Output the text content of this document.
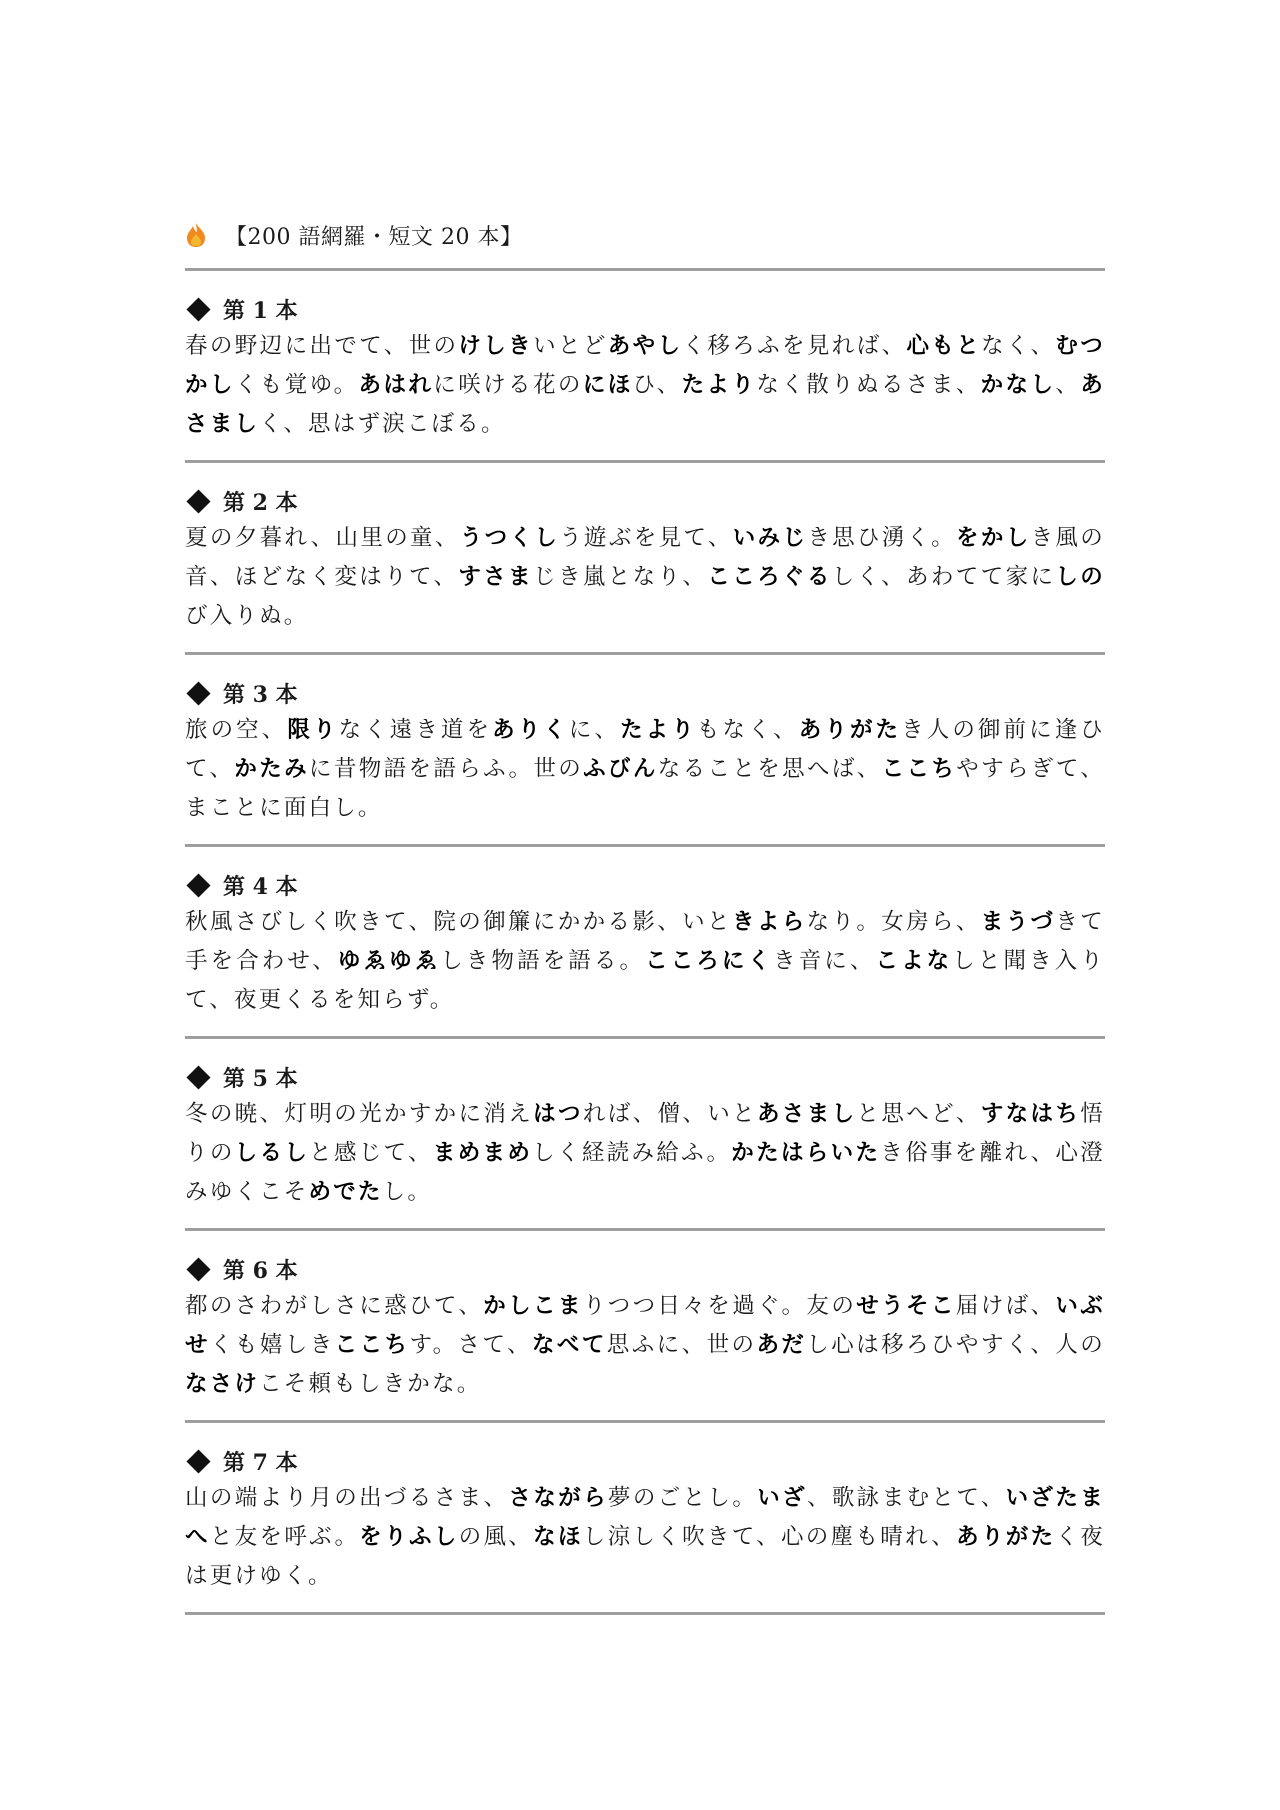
【200 語網羅・短文 20 本】
第 1 本
春の野辺に出でて、世のけしきいとどあやしく移ろふを見れば、心もとなく、むつかしくも覚ゆ。あはれに咲ける花のにほひ、たよりなく散りぬるさま、かなし、あさましく、思はず涙こぼる。
第 2 本
夏の夕暮れ、山里の童、うつくしう遊ぶを見て、いみじき思ひ湧く。をかしき風の音、ほどなく変はりて、すさまじき嵐となり、こころぐるしく、あわてて家にしのび入りぬ。
第 3 本
旅の空、限りなく遠き道をありくに、たよりもなく、ありがたき人の御前に逢ひて、かたみに昔物語を語らふ。世のふびんなることを思へば、ここちやすらぎて、まことに面白し。
第 4 本
秋風さびしく吹きて、院の御簾にかかる影、いときよらなり。女房ら、まうづきて手を合わせ、ゆゑゆゑしき物語を語る。こころにくき音に、こよなしと聞き入りて、夜更くるを知らず。
第 5 本
冬の暁、灯明の光かすかに消えはつれば、僧、いとあさましと思へど、すなはち悟りのしるしと感じて、まめまめしく経読み給ふ。かたはらいたき俗事を離れ、心澄みゆくこそめでたし。
第 6 本
都のさわがしさに惑ひて、かしこまりつつ日々を過ぐ。友のせうそこ届けば、いぶせくも嬉しきここちす。さて、なべて思ふに、世のあだし心は移ろひやすく、人のなさけこそ頼もしきかな。
第 7 本
山の端より月の出づるさま、さながら夢のごとし。いざ、歌詠まむとて、いざたまへと友を呼ぶ。をりふしの風、なほし涼しく吹きて、心の塵も晴れ、ありがたく夜は更けゆく。
